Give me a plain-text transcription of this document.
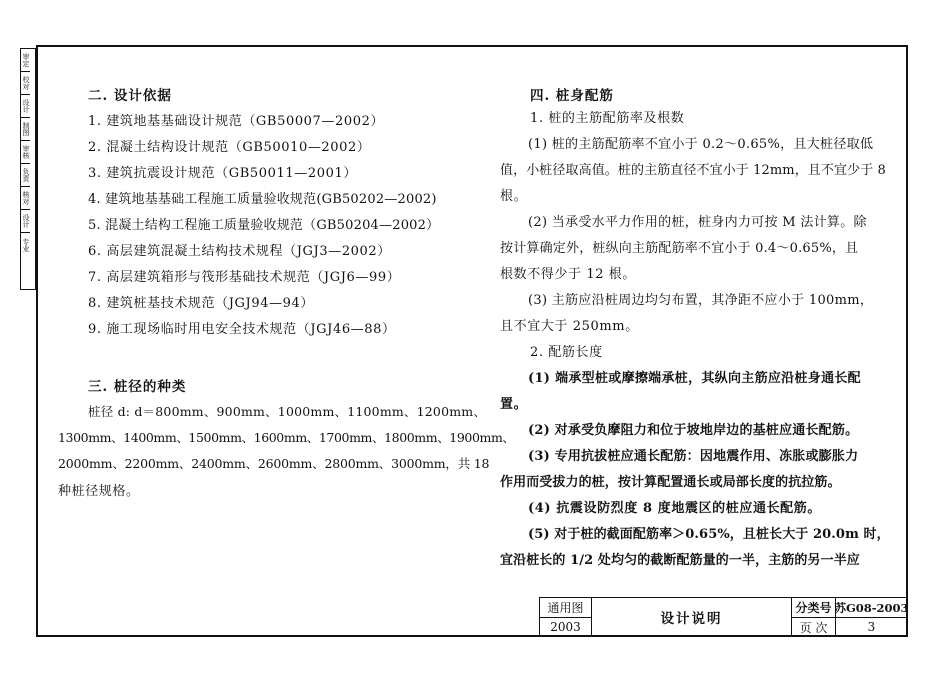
审定
校对
设计
制图
审核
负责
核对
设计
专业
二. 设计依据
1. 建筑地基基础设计规范（GB50007—2002）
2. 混凝土结构设计规范（GB50010—2002）
3. 建筑抗震设计规范（GB50011—2001）
4. 建筑地基基础工程施工质量验收规范(GB50202—2002)
5. 混凝土结构工程施工质量验收规范（GB50204—2002）
6. 高层建筑混凝土结构技术规程（JGJ3—2002）
7. 高层建筑箱形与筏形基础技术规范（JGJ6—99）
8. 建筑桩基技术规范（JGJ94—94）
9. 施工现场临时用电安全技术规范（JGJ46—88）
三. 桩径的种类
桩径 d: d＝800mm、900mm、1000mm、1100mm、1200mm、
1300mm、1400mm、1500mm、1600mm、1700mm、1800mm、1900mm、
2000mm、2200mm、2400mm、2600mm、2800mm、3000mm，共 18
种桩径规格。
四. 桩身配筋
1. 桩的主筋配筋率及根数
(1) 桩的主筋配筋率不宜小于 0.2～0.65%，且大桩径取低
值，小桩径取高值。桩的主筋直径不宜小于 12mm，且不宜少于 8
根。
(2) 当承受水平力作用的桩，桩身内力可按 M 法计算。除
按计算确定外，桩纵向主筋配筋率不宜小于 0.4～0.65%，且
根数不得少于 12 根。
(3) 主筋应沿桩周边均匀布置，其净距不应小于 100mm，
且不宜大于 250mm。
2. 配筋长度
(1) 端承型桩或摩擦端承桩，其纵向主筋应沿桩身通长配
置。
(2) 对承受负摩阻力和位于坡地岸边的基桩应通长配筋。
(3) 专用抗拔桩应通长配筋：因地震作用、冻胀或膨胀力
作用而受拔力的桩，按计算配置通长或局部长度的抗拉筋。
(4) 抗震设防烈度 8 度地震区的桩应通长配筋。
(5) 对于桩的截面配筋率＞0.65%，且桩长大于 20.0m 时，
宜沿桩长的 1/2 处均匀的截断配筋量的一半，主筋的另一半应
通用图
2003	设计说明
分类号 苏G08-2003
页 次	3
